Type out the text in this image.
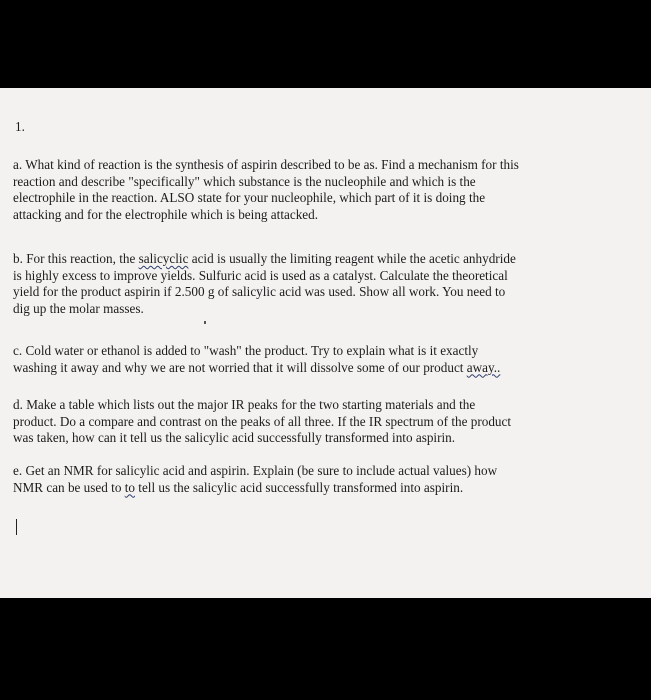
1.

a. What kind of reaction is the synthesis of aspirin described to be as. Find a mechanism for this
reaction and describe "specifically" which substance is the nucleophile and which is the
electrophile in the reaction. ALSO state for your nucleophile, which part of it is doing the
attacking and for the electrophile which is being attacked.

b. For this reaction, the salicyclic acid is usually the limiting reagent while the acetic anhydride
is highly excess to improve yields. Sulfuric acid is used as a catalyst. Calculate the theoretical
yield for the product aspirin if 2.500 g of salicylic acid was used. Show all work. You need to
dig up the molar masses.

c. Cold water or ethanol is added to "wash" the product. Try to explain what is it exactly
washing it away and why we are not worried that it will dissolve some of our product away..

d. Make a table which lists out the major IR peaks for the two starting materials and the
product. Do a compare and contrast on the peaks of all three. If the IR spectrum of the product
was taken, how can it tell us the salicylic acid successfully transformed into aspirin.

e. Get an NMR for salicylic acid and aspirin. Explain (be sure to include actual values) how
NMR can be used to to tell us the salicylic acid successfully transformed into aspirin.
